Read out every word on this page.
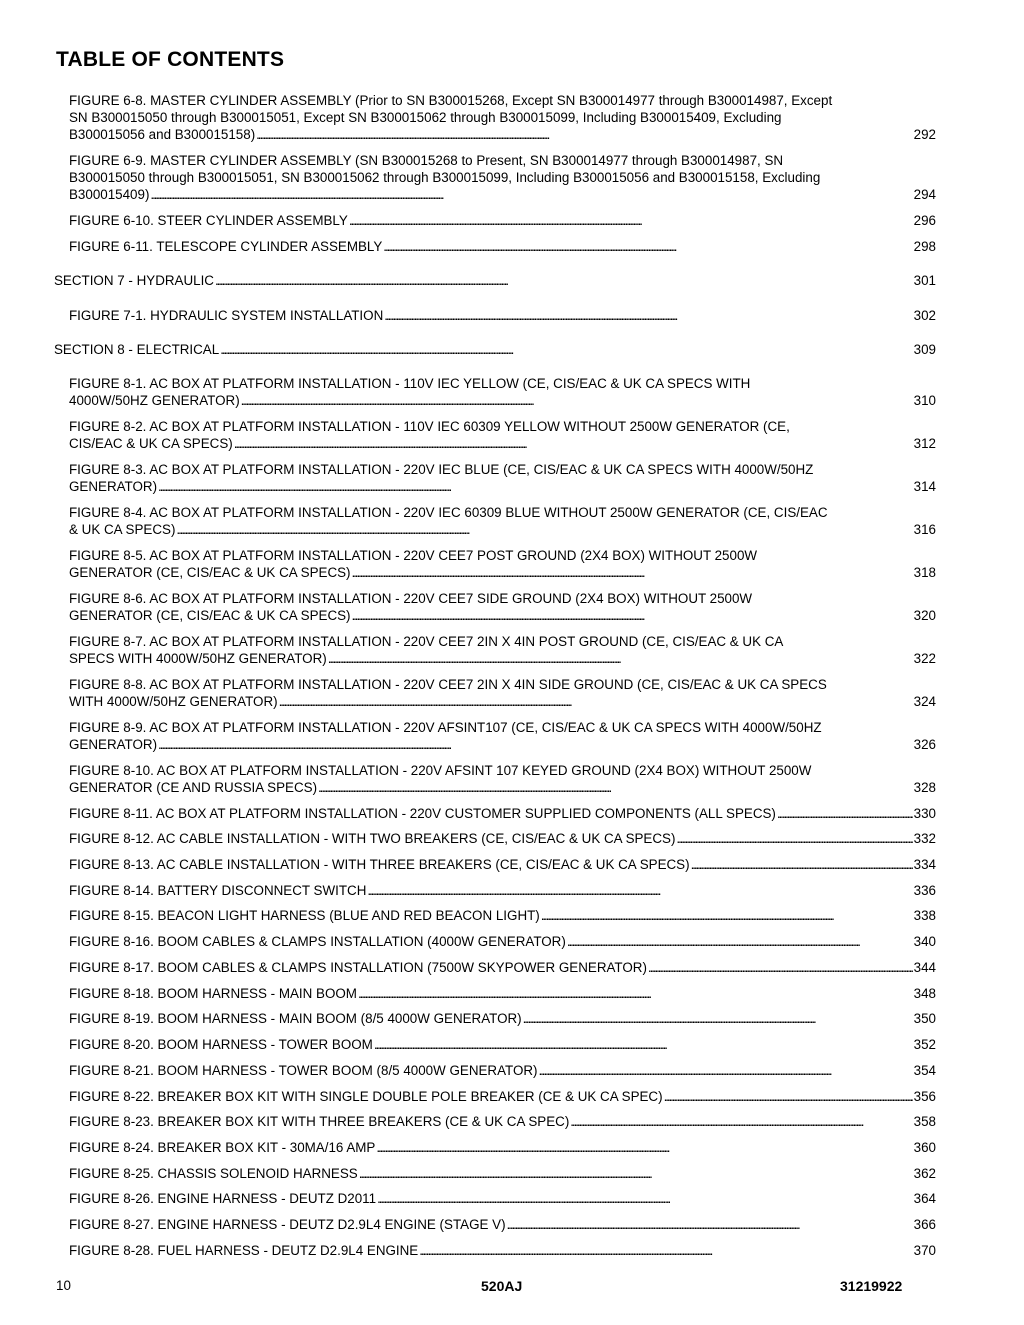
TABLE OF CONTENTS
FIGURE 6-8. MASTER CYLINDER ASSEMBLY (Prior to SN B300015268, Except SN B300014977 through B300014987, Except
SN B300015050 through B300015051, Except SN B300015062 through B300015099, Including B300015409, Excluding

B300015056 and B300015158) . . .	292
FIGURE 6-9. MASTER CYLINDER ASSEMBLY (SN B300015268 to Present, SN B300014977 through B300014987, SN
B300015050 through B300015051, SN B300015062 through B300015099, Including B300015056 and B300015158, Excluding

B300015409) . . .	294
FIGURE 6-10. STEER CYLINDER ASSEMBLY . . .	296
FIGURE 6-11. TELESCOPE CYLINDER ASSEMBLY . . .	298
SECTION 7 - HYDRAULIC . . .	301
FIGURE 7-1. HYDRAULIC SYSTEM INSTALLATION . . .	302
SECTION 8 - ELECTRICAL . . .	309
FIGURE 8-1. AC BOX AT PLATFORM INSTALLATION - 110V IEC YELLOW (CE, CIS/EAC & UK CA SPECS WITH

4000W/50HZ GENERATOR) . . .	310
FIGURE 8-2. AC BOX AT PLATFORM INSTALLATION - 110V IEC 60309 YELLOW WITHOUT 2500W GENERATOR (CE,

CIS/EAC & UK CA SPECS) . . .	312
FIGURE 8-3. AC BOX AT PLATFORM INSTALLATION - 220V IEC BLUE (CE, CIS/EAC & UK CA SPECS WITH 4000W/50HZ

GENERATOR) . . .	314
FIGURE 8-4. AC BOX AT PLATFORM INSTALLATION - 220V IEC 60309 BLUE WITHOUT 2500W GENERATOR (CE, CIS/EAC

& UK CA SPECS) . . .	316
FIGURE 8-5. AC BOX AT PLATFORM INSTALLATION - 220V CEE7 POST GROUND (2X4 BOX) WITHOUT 2500W

GENERATOR (CE, CIS/EAC & UK CA SPECS) . . .	318
FIGURE 8-6. AC BOX AT PLATFORM INSTALLATION - 220V CEE7 SIDE GROUND (2X4 BOX) WITHOUT 2500W

GENERATOR (CE, CIS/EAC & UK CA SPECS) . . .	320
FIGURE 8-7. AC BOX AT PLATFORM INSTALLATION - 220V CEE7 2IN X 4IN POST GROUND (CE, CIS/EAC & UK CA

SPECS WITH 4000W/50HZ GENERATOR) . . .	322
FIGURE 8-8. AC BOX AT PLATFORM INSTALLATION - 220V CEE7 2IN X 4IN SIDE GROUND (CE, CIS/EAC & UK CA SPECS

WITH 4000W/50HZ GENERATOR) . . .	324
FIGURE 8-9. AC BOX AT PLATFORM INSTALLATION - 220V AFSINT107 (CE, CIS/EAC & UK CA SPECS WITH 4000W/50HZ

GENERATOR) . . .	326
FIGURE 8-10. AC BOX AT PLATFORM INSTALLATION - 220V AFSINT 107 KEYED GROUND (2X4 BOX) WITHOUT 2500W

GENERATOR (CE AND RUSSIA SPECS) . . .	328
FIGURE 8-11. AC BOX AT PLATFORM INSTALLATION - 220V CUSTOMER SUPPLIED COMPONENTS (ALL SPECS) . . .	330
FIGURE 8-12. AC CABLE INSTALLATION - WITH TWO BREAKERS (CE, CIS/EAC & UK CA SPECS) . . .	332
FIGURE 8-13. AC CABLE INSTALLATION - WITH THREE BREAKERS (CE, CIS/EAC & UK CA SPECS) . . .	334
FIGURE 8-14. BATTERY DISCONNECT SWITCH . . .	336
FIGURE 8-15. BEACON LIGHT HARNESS (BLUE AND RED BEACON LIGHT) . . .	338
FIGURE 8-16. BOOM CABLES & CLAMPS INSTALLATION (4000W GENERATOR) . . .	340
FIGURE 8-17. BOOM CABLES & CLAMPS INSTALLATION (7500W SKYPOWER GENERATOR) . . .	344
FIGURE 8-18. BOOM HARNESS - MAIN BOOM . . .	348
FIGURE 8-19. BOOM HARNESS - MAIN BOOM (8/5 4000W GENERATOR) . . .	350
FIGURE 8-20. BOOM HARNESS - TOWER BOOM . . .	352
FIGURE 8-21. BOOM HARNESS - TOWER BOOM (8/5 4000W GENERATOR) . . .	354
FIGURE 8-22. BREAKER BOX KIT WITH SINGLE DOUBLE POLE BREAKER (CE & UK CA SPEC) . . .	356
FIGURE 8-23. BREAKER BOX KIT WITH THREE BREAKERS (CE & UK CA SPEC) . . .	358
FIGURE 8-24. BREAKER BOX KIT - 30MA/16 AMP . . .	360
FIGURE 8-25. CHASSIS SOLENOID HARNESS . . .	362
FIGURE 8-26. ENGINE HARNESS - DEUTZ D2011 . . .	364
FIGURE 8-27. ENGINE HARNESS - DEUTZ D2.9L4 ENGINE (STAGE V) . . .	366
FIGURE 8-28. FUEL HARNESS - DEUTZ D2.9L4 ENGINE . . .	370
10	520AJ	31219922
